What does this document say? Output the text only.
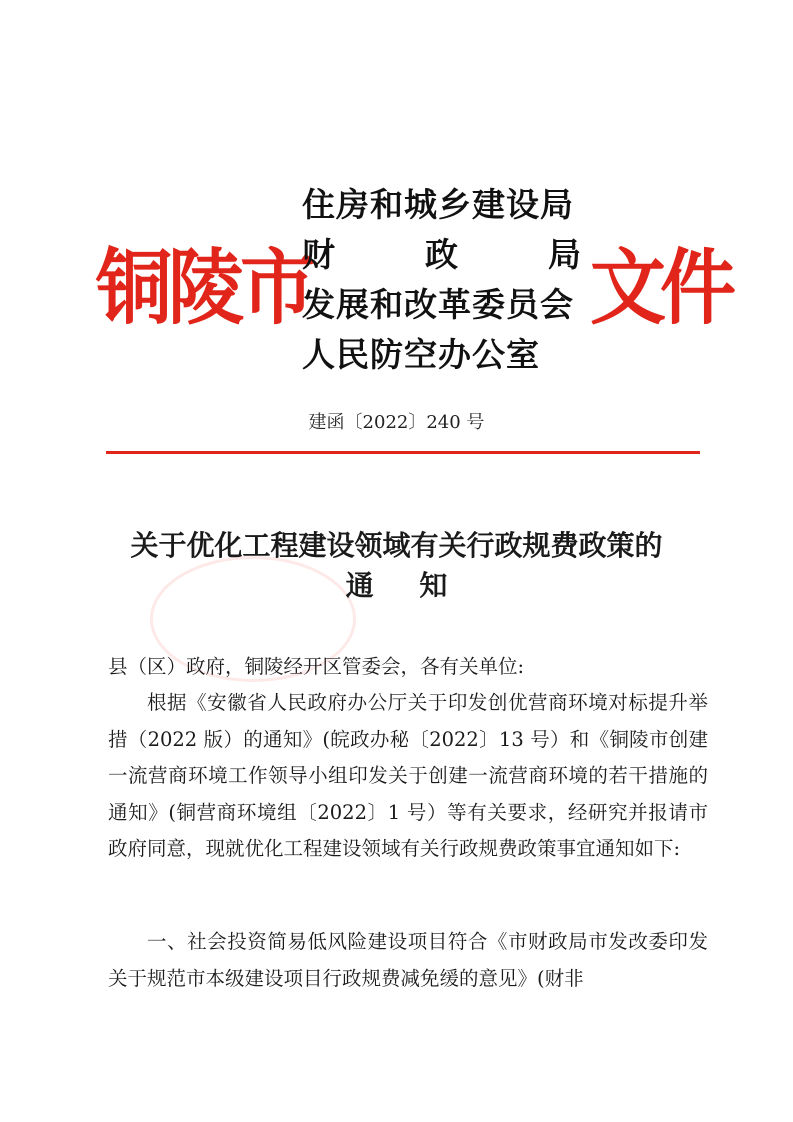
铜陵市
住房和城乡建设局
财	政	局
发展和改革委员会
人民防空办公室
文件
建函〔2022〕240 号
关于优化工程建设领域有关行政规费政策的
通 知
县（区）政府，铜陵经开区管委会，各有关单位:

根据《安徽省人民政府办公厅关于印发创优营商环境对标提升举措（2022 版）的通知》(皖政办秘〔2022〕13 号）和《铜陵市创建一流营商环境工作领导小组印发关于创建一流营商环境的若干措施的通知》(铜营商环境组〔2022〕1 号）等有关要求，经研究并报请市政府同意，现就优化工程建设领域有关行政规费政策事宜通知如下:

一、社会投资简易低风险建设项目符合《市财政局市发改委印发关于规范市本级建设项目行政规费减免缓的意见》(财非
